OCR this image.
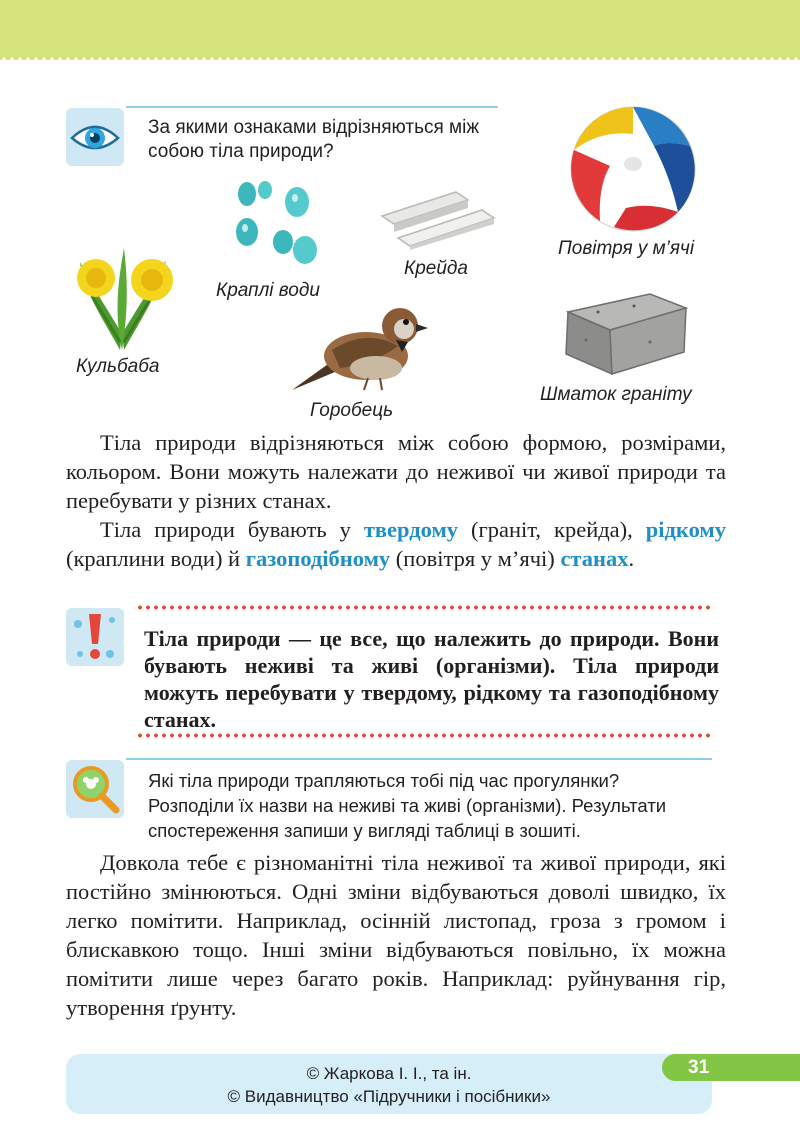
За якими ознаками відрізняються між собою тіла природи?
Кульбаба
Краплі води
Крейда
Горобець
Повітря у м’ячі
Шматок граніту
Тіла природи відрізняються між собою формою, розмірами, кольором. Вони можуть належати до неживої чи живої природи та перебувати у різних станах.
Тіла природи бувають у твердому (граніт, крейда), рідкому (краплини води) й газоподібному (повітря у м’ячі) станах.
Тіла природи — це все, що належить до природи. Вони бувають неживі та живі (організми). Тіла природи можуть перебувати у твердому, рідкому та газоподібному станах.
Які тіла природи трапляються тобі під час прогулянки? Розподіли їх назви на неживі та живі (організми). Результати спостереження запиши у вигляді таблиці в зошиті.
Довкола тебе є різноманітні тіла неживої та живої природи, які постійно змінюються. Одні зміни відбуваються доволі швидко, їх легко помітити. Наприклад, осінній листопад, гроза з громом і блискавкою тощо. Інші зміни відбуваються повільно, їх можна помітити лише через багато років. Наприклад: руйнування гір, утворення ґрунту.
© Жаркова І. І., та ін.
© Видавництво «Підручники і посібники»
31
